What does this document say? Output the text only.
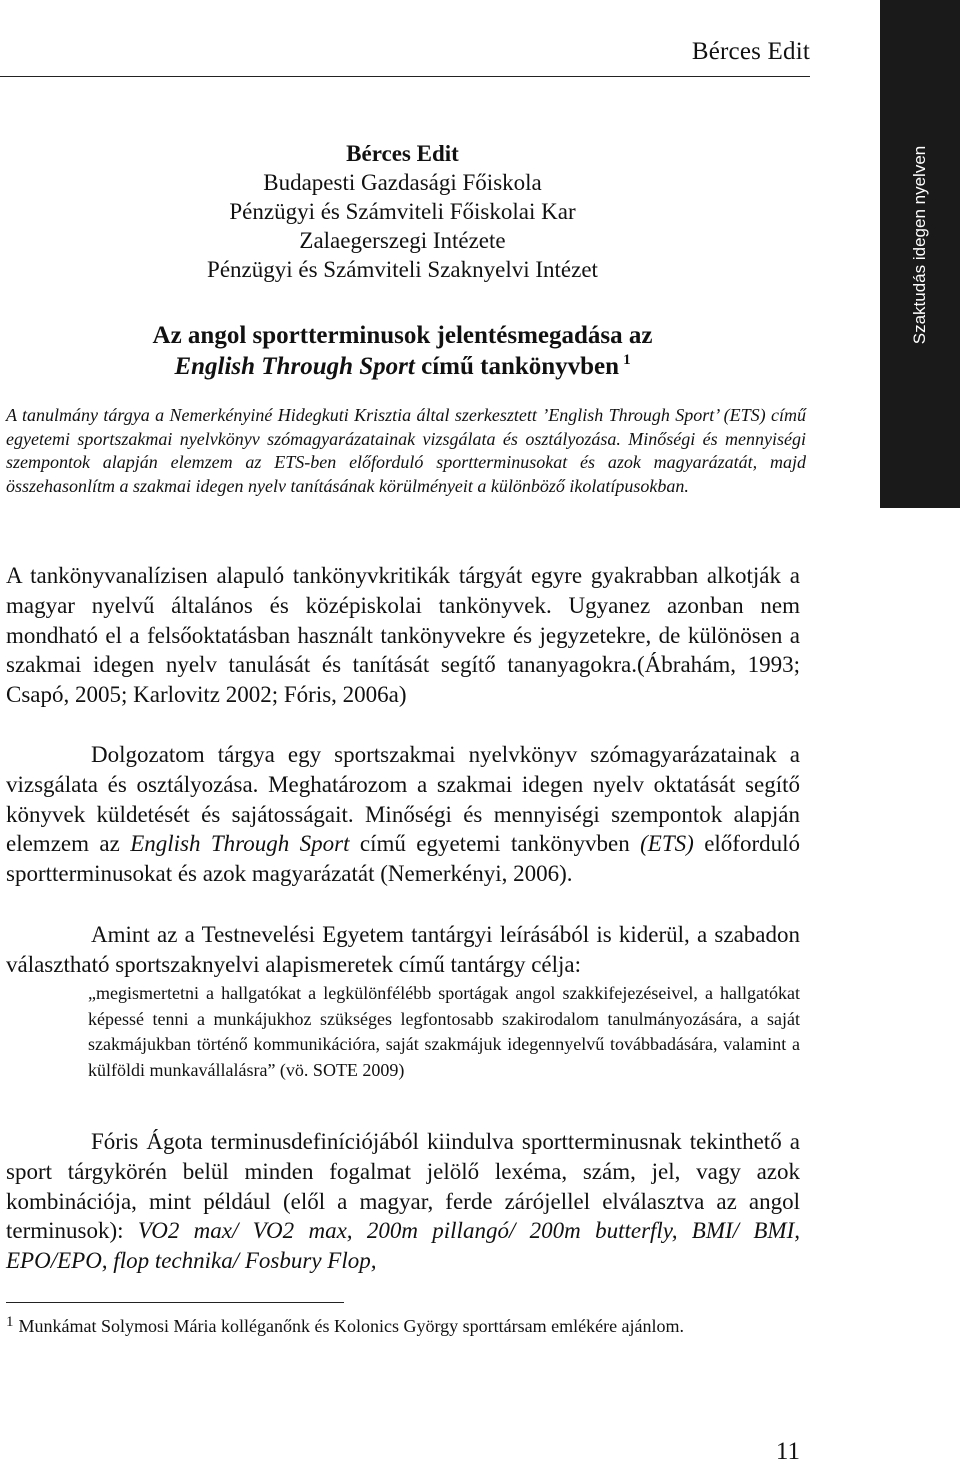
Bérces Edit
Szaktudás idegen nyelven
Bérces Edit
Budapesti Gazdasági Főiskola
Pénzügyi és Számviteli Főiskolai Kar
Zalaegerszegi Intézete
Pénzügyi és Számviteli Szaknyelvi Intézet
Az angol sportterminusok jelentésmegadása az
English Through Sport című tankönyvben $^1$
A tanulmány tárgya a Nemerkényiné Hidegkuti Krisztia által szerkesztett ’English Through Sport’ (ETS) című egyetemi sportszakmai nyelvkönyv szómagyarázatainak vizsgálata és osztályozása. Minőségi és mennyiségi szempontok alapján elemzem az ETS-ben előforduló sportterminusokat és azok magyarázatát, majd összehasonlítm a szakmai idegen nyelv tanításának körülményeit a különböző ikolatípusokban.
A tankönyvanalízisen alapuló tankönyvkritikák tárgyát egyre gyakrabban alkotják a magyar nyelvű általános és középiskolai tankönyvek. Ugyanez azonban nem mondható el a felsőoktatásban használt tankönyvekre és jegyzetekre, de különösen a szakmai idegen nyelv tanulását és tanítását segítő tananyagokra.(Ábrahám, 1993; Csapó, 2005; Karlovitz 2002; Fóris, 2006a)
Dolgozatom tárgya egy sportszakmai nyelvkönyv szómagyarázatainak a vizsgálata és osztályozása. Meghatározom a szakmai idegen nyelv oktatását segítő könyvek küldetését és sajátosságait. Minőségi és mennyiségi szempontok alapján elemzem az English Through Sport című egyetemi tankönyvben (ETS) előforduló sportterminusokat és azok magyarázatát (Nemerkényi, 2006).
Amint az a Testnevelési Egyetem tantárgyi leírásából is kiderül, a szabadon választható sportszaknyelvi alapismeretek című tantárgy célja:
„megismertetni a hallgatókat a legkülönfélébb sportágak angol szakkifejezéseivel, a hallgatókat képessé tenni a munkájukhoz szükséges legfontosabb szakirodalom tanulmányozására, a saját szakmájukban történő kommunikációra, saját szakmájuk idegennyelvű továbbadására, valamint a külföldi munkavállalásra” (vö. SOTE 2009)
Fóris Ágota terminusdefiníciójából kiindulva sportterminusnak tekinthető a sport tárgykörén belül minden fogalmat jelölő lexéma, szám, jel, vagy azok kombinációja, mint például (elől a magyar, ferde zárójellel elválasztva az angol terminusok): VO2 max/ VO2 max, 200m pillangó/ 200m butterfly, BMI/ BMI, EPO/EPO, flop technika/ Fosbury Flop,
$^1$ Munkámat Solymosi Mária kolléganőnk és Kolonics György sporttársam emlékére ajánlom.
11
